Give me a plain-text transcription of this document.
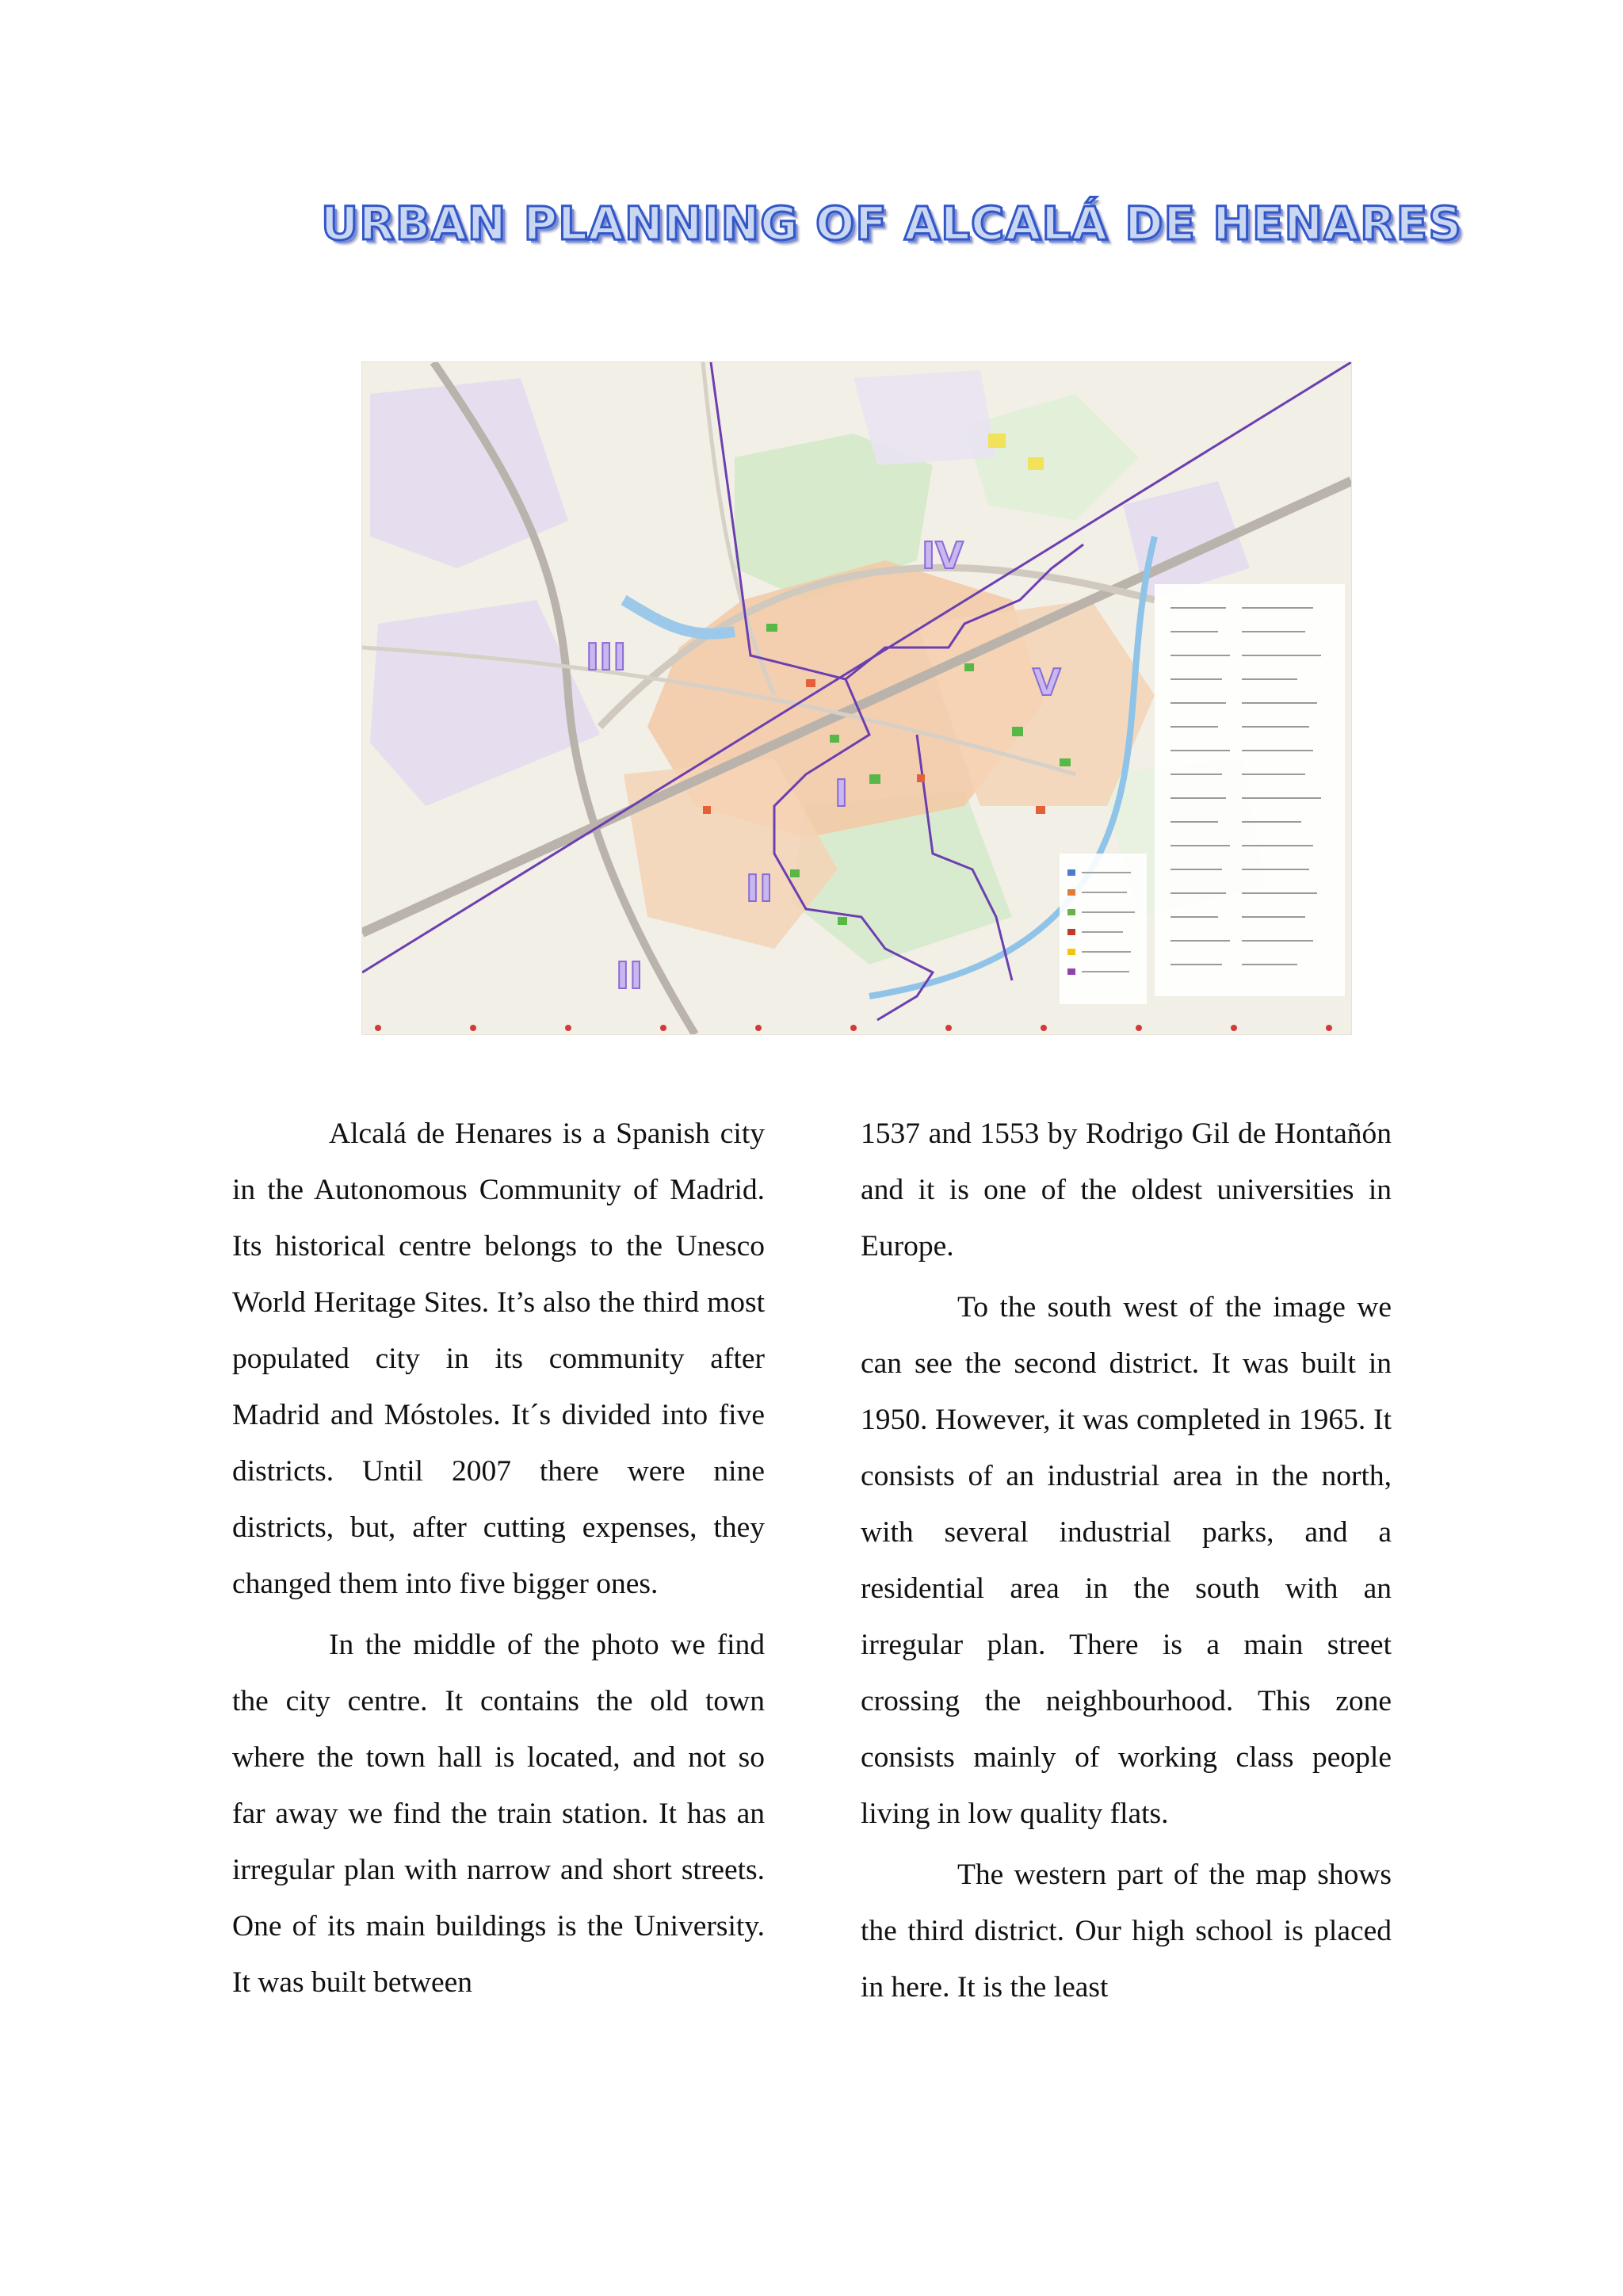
URBAN PLANNING OF ALCALÁ DE HENARES
I
II
III
IV
V
II

Alcalá de Henares is a Spanish city in the Autonomous Community of Madrid. Its historical centre belongs to the Unesco World Heritage Sites. It’s also the third most populated city in its community after Madrid and Móstoles. It´s divided into five districts. Until 2007 there were nine districts, but, after cutting expenses, they changed them into five bigger ones.

In the middle of the photo we find the city centre. It contains the old town where the town hall is located, and not so far away we find the train station. It has an irregular plan with narrow and short streets. One of its main buildings is the University. It was built between

1537 and 1553 by Rodrigo Gil de Hontañón and it is one of the oldest universities in Europe.

To the south west of the image we can see the second district. It was built in 1950. However, it was completed in 1965. It consists of an industrial area in the north, with several industrial parks, and a residential area in the south with an irregular plan. There is a main street crossing the neighbourhood. This zone consists mainly of working class people living in low quality flats.

The western part of the map shows the third district. Our high school is placed in here. It is the least
